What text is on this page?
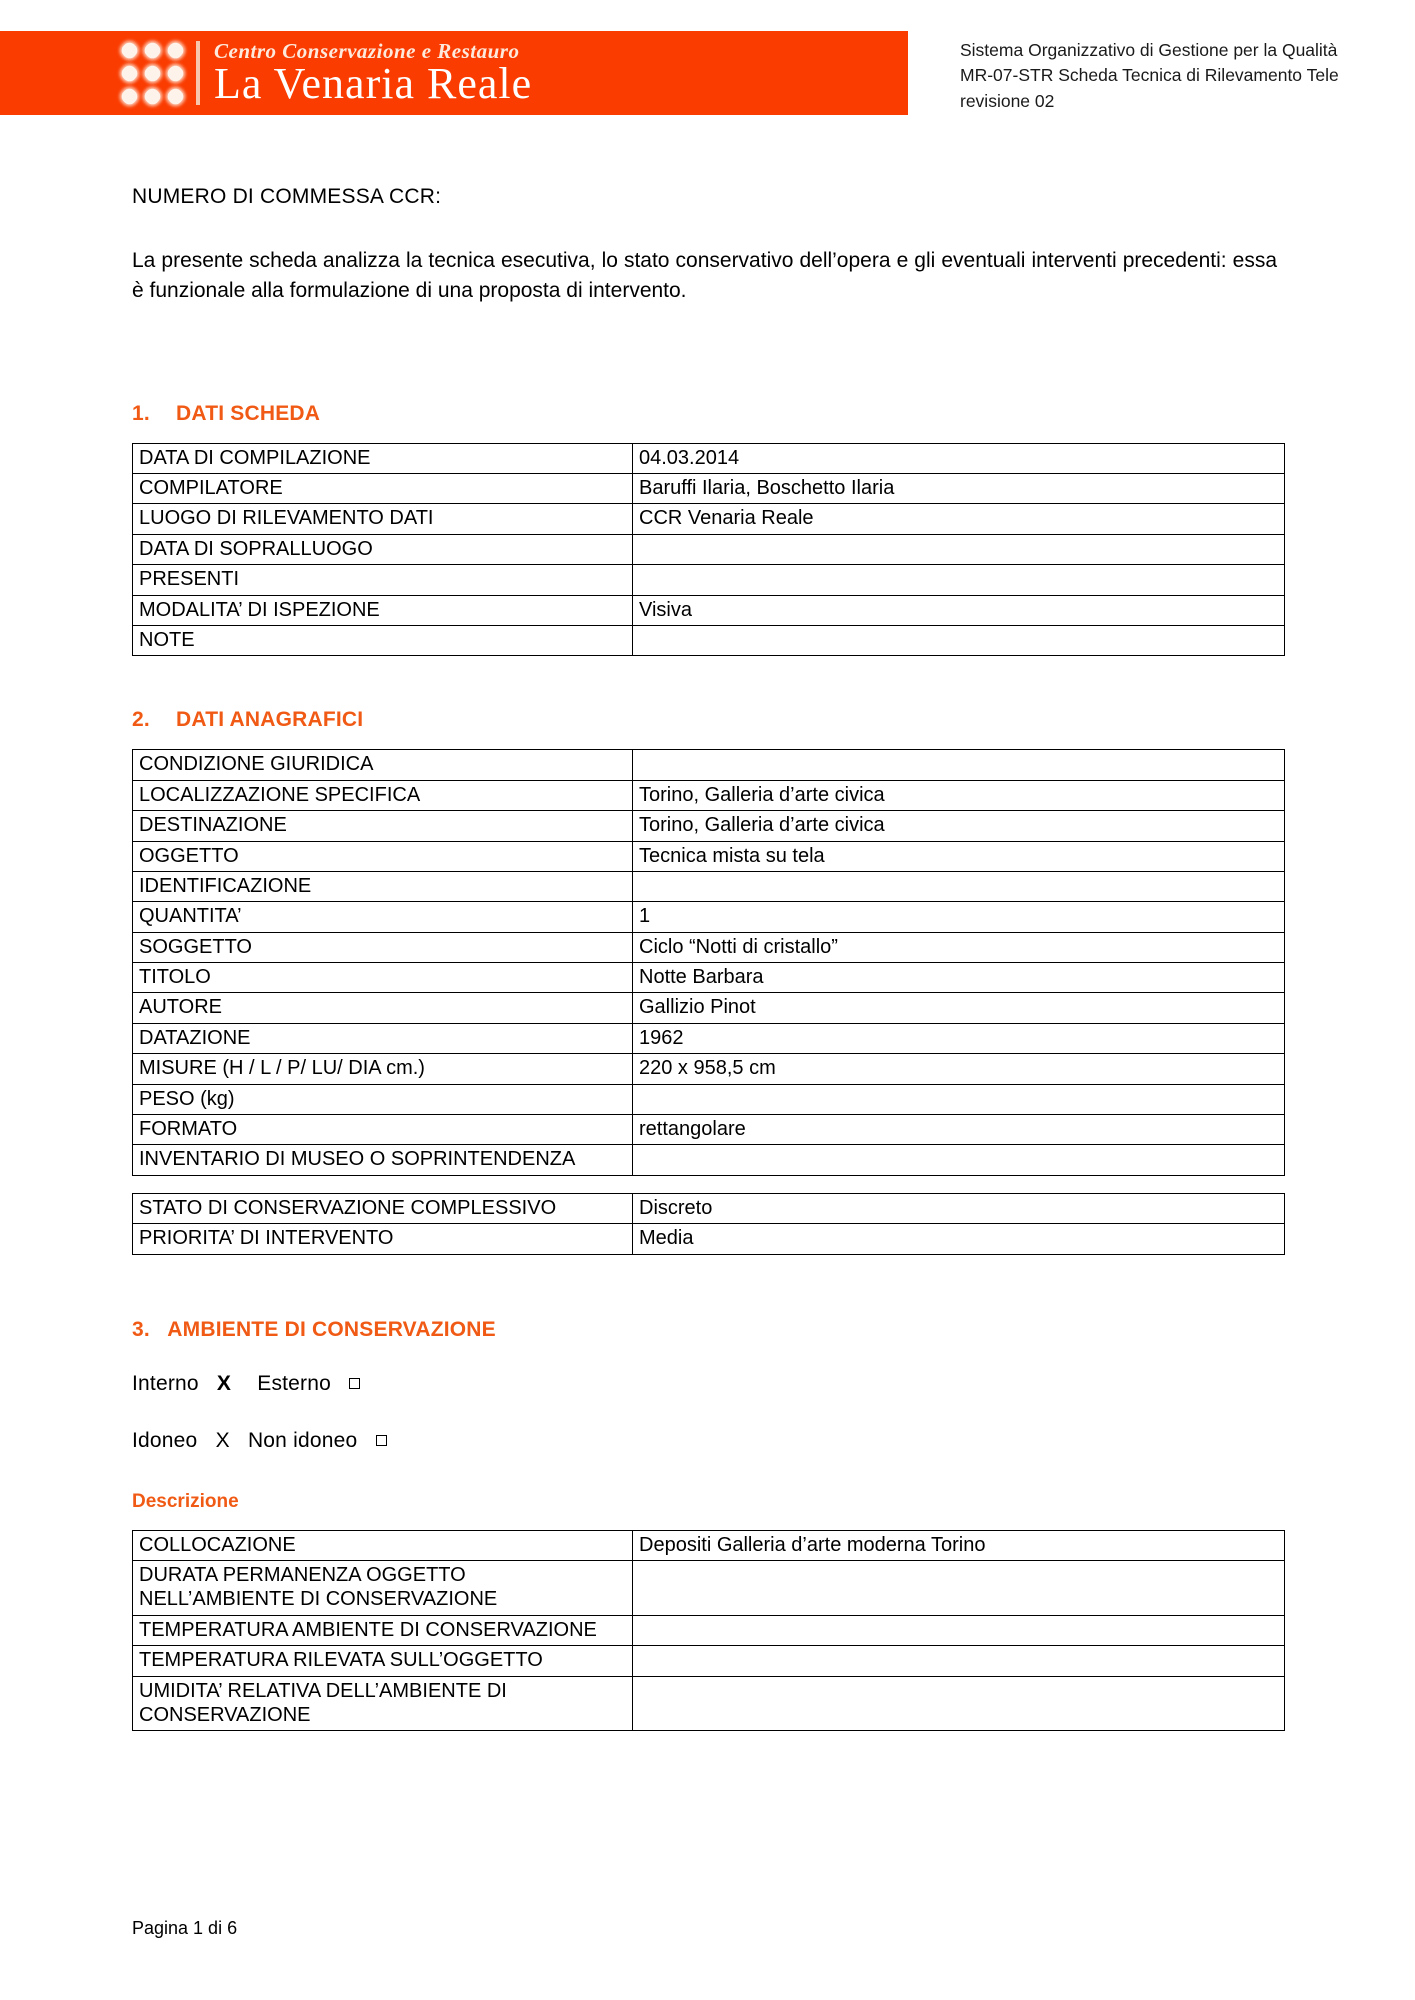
Centro Conservazione e Restauro
La Venaria Reale
Sistema Organizzativo di Gestione per la Qualità
MR-07-STR Scheda Tecnica di Rilevamento Tele
revisione 02

NUMERO DI COMMESSA CCR:

La presente scheda analizza la tecnica esecutiva, lo stato conservativo dell’opera e gli eventuali interventi precedenti: essa è funzionale alla formulazione di una proposta di intervento.

1. DATI SCHEDA
DATA DI COMPILAZIONE	04.03.2014
COMPILATORE	Baruffi Ilaria, Boschetto Ilaria
LUOGO DI RILEVAMENTO DATI	CCR Venaria Reale
DATA DI SOPRALLUOGO	
PRESENTI	
MODALITA’ DI ISPEZIONE	Visiva
NOTE	
2. DATI ANAGRAFICI
CONDIZIONE GIURIDICA	
LOCALIZZAZIONE SPECIFICA	Torino, Galleria d’arte civica
DESTINAZIONE	Torino, Galleria d’arte civica
OGGETTO	Tecnica mista su tela
IDENTIFICAZIONE	
QUANTITA’	1
SOGGETTO	Ciclo “Notti di cristallo”
TITOLO	Notte Barbara
AUTORE	Gallizio Pinot
DATAZIONE	1962
MISURE (H / L / P/ LU/ DIA cm.)	220 x 958,5 cm
PESO (kg)	
FORMATO	rettangolare
INVENTARIO DI MUSEO O SOPRINTENDENZA	
STATO DI CONSERVAZIONE COMPLESSIVO	Discreto
PRIORITA’ DI INTERVENTO	Media
3. AMBIENTE DI CONSERVAZIONE
Interno X Esterno
Idoneo X Non idoneo
Descrizione
COLLOCAZIONE	Depositi Galleria d’arte moderna Torino
DURATA PERMANENZA OGGETTO NELL’AMBIENTE DI CONSERVAZIONE	
TEMPERATURA AMBIENTE DI CONSERVAZIONE	
TEMPERATURA RILEVATA SULL’OGGETTO	
UMIDITA’ RELATIVA DELL’AMBIENTE DI CONSERVAZIONE	
Pagina 1 di 6
